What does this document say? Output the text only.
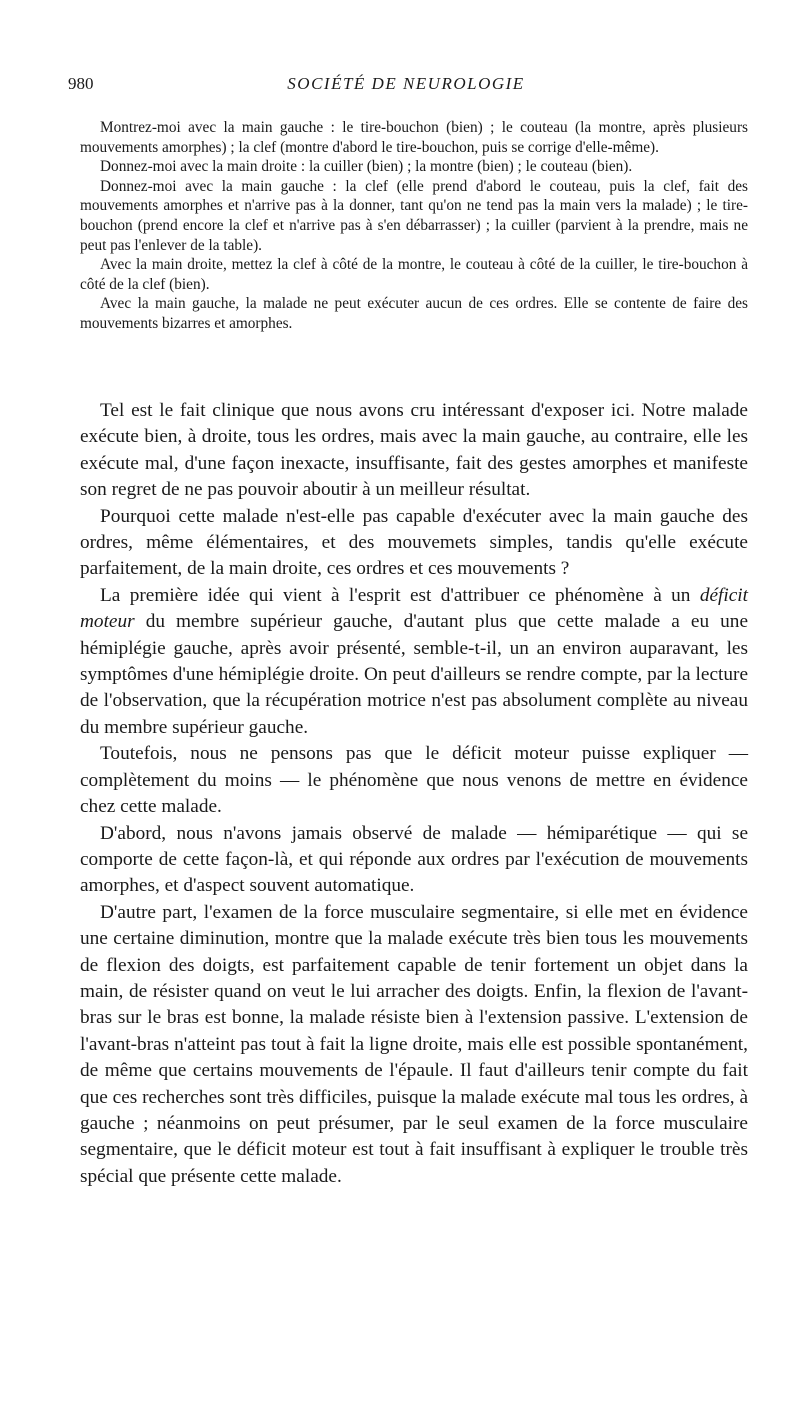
980	SOCIÉTÉ DE NEUROLOGIE

Montrez-moi avec la main gauche : le tire-bouchon (bien) ; le couteau (la montre, après plusieurs mouvements amorphes) ; la clef (montre d'abord le tire-bouchon, puis se corrige d'elle-même).

Donnez-moi avec la main droite : la cuiller (bien) ; la montre (bien) ; le couteau (bien).

Donnez-moi avec la main gauche : la clef (elle prend d'abord le couteau, puis la clef, fait des mouvements amorphes et n'arrive pas à la donner, tant qu'on ne tend pas la main vers la malade) ; le tire-bouchon (prend encore la clef et n'arrive pas à s'en débarrasser) ; la cuiller (parvient à la prendre, mais ne peut pas l'enlever de la table).

Avec la main droite, mettez la clef à côté de la montre, le couteau à côté de la cuiller, le tire-bouchon à côté de la clef (bien).

Avec la main gauche, la malade ne peut exécuter aucun de ces ordres. Elle se contente de faire des mouvements bizarres et amorphes.

Tel est le fait clinique que nous avons cru intéressant d'exposer ici. Notre malade exécute bien, à droite, tous les ordres, mais avec la main gauche, au contraire, elle les exécute mal, d'une façon inexacte, insuffisante, fait des gestes amorphes et manifeste son regret de ne pas pouvoir aboutir à un meilleur résultat.

Pourquoi cette malade n'est-elle pas capable d'exécuter avec la main gauche des ordres, même élémentaires, et des mouvemets simples, tandis qu'elle exécute parfaitement, de la main droite, ces ordres et ces mouvements ?

La première idée qui vient à l'esprit est d'attribuer ce phénomène à un déficit moteur du membre supérieur gauche, d'autant plus que cette malade a eu une hémiplégie gauche, après avoir présenté, semble-t-il, un an environ auparavant, les symptômes d'une hémiplégie droite. On peut d'ailleurs se rendre compte, par la lecture de l'observation, que la récupération motrice n'est pas absolument complète au niveau du membre supérieur gauche.

Toutefois, nous ne pensons pas que le déficit moteur puisse expliquer — complètement du moins — le phénomène que nous venons de mettre en évidence chez cette malade.

D'abord, nous n'avons jamais observé de malade — hémiparétique — qui se comporte de cette façon-là, et qui réponde aux ordres par l'exécution de mouvements amorphes, et d'aspect souvent automatique.

D'autre part, l'examen de la force musculaire segmentaire, si elle met en évidence une certaine diminution, montre que la malade exécute très bien tous les mouvements de flexion des doigts, est parfaitement capable de tenir fortement un objet dans la main, de résister quand on veut le lui arracher des doigts. Enfin, la flexion de l'avant-bras sur le bras est bonne, la malade résiste bien à l'extension passive. L'extension de l'avant-bras n'atteint pas tout à fait la ligne droite, mais elle est possible spontanément, de même que certains mouvements de l'épaule. Il faut d'ailleurs tenir compte du fait que ces recherches sont très difficiles, puisque la malade exécute mal tous les ordres, à gauche ; néanmoins on peut présumer, par le seul examen de la force musculaire segmentaire, que le déficit moteur est tout à fait insuffisant à expliquer le trouble très spécial que présente cette malade.
